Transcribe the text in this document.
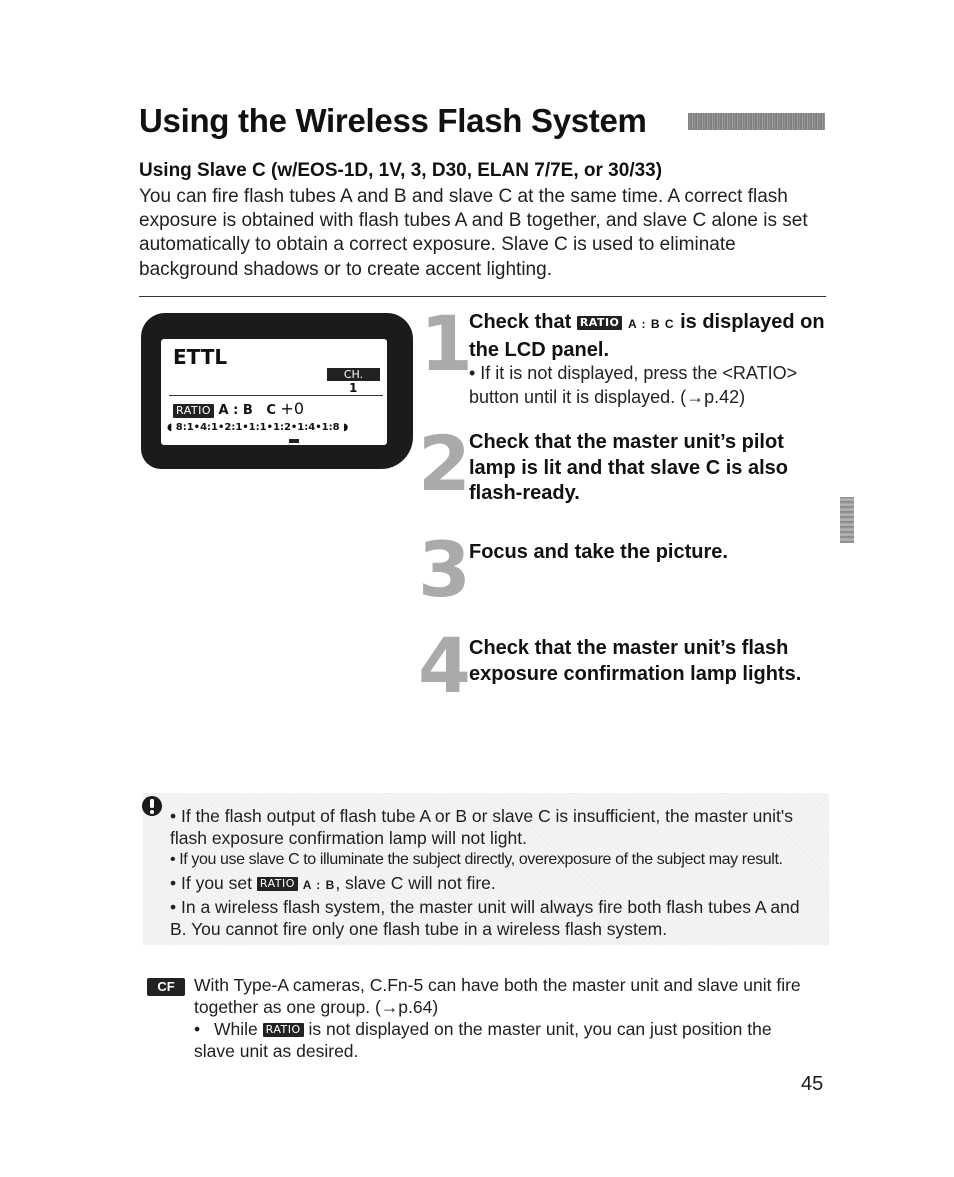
Using the Wireless Flash System
Using Slave C (w/EOS-1D, 1V, 3, D30, ELAN 7/7E, or 30/33)
You can fire flash tubes A and B and slave C at the same time. A correct flash exposure is obtained with flash tubes A and B together, and slave C alone is set automatically to obtain a correct exposure. Slave C is used to eliminate background shadows or to create accent lighting.
ETTL
CH.
1
RATIO A : B C +0
◖ 8:1•4:1•2:1•1:1•1:2•1:4•1:8 ◗
1
Check that RATIO A : B C is displayed on the LCD panel.
• If it is not displayed, press the <RATIO> button until it is displayed. (→p.42)
2
Check that the master unit’s pilot lamp is lit and that slave C is also flash-ready.
3
Focus and take the picture.
4
Check that the master unit’s flash exposure confirmation lamp lights.

• If the flash output of flash tube A or B or slave C is insufficient, the master unit's flash exposure confirmation lamp will not light.

• If you use slave C to illuminate the subject directly, overexposure of the subject may result.

• If you set RATIO A : B, slave C will not fire.

• In a wireless flash system, the master unit will always fire both flash tubes A and B. You cannot fire only one flash tube in a wireless flash system.

CF	With Type-A cameras, C.Fn-5 can have both the master unit and slave unit fire together as one group. (→p.64)
• While RATIO is not displayed on the master unit, you can just position the slave unit as desired.
45
